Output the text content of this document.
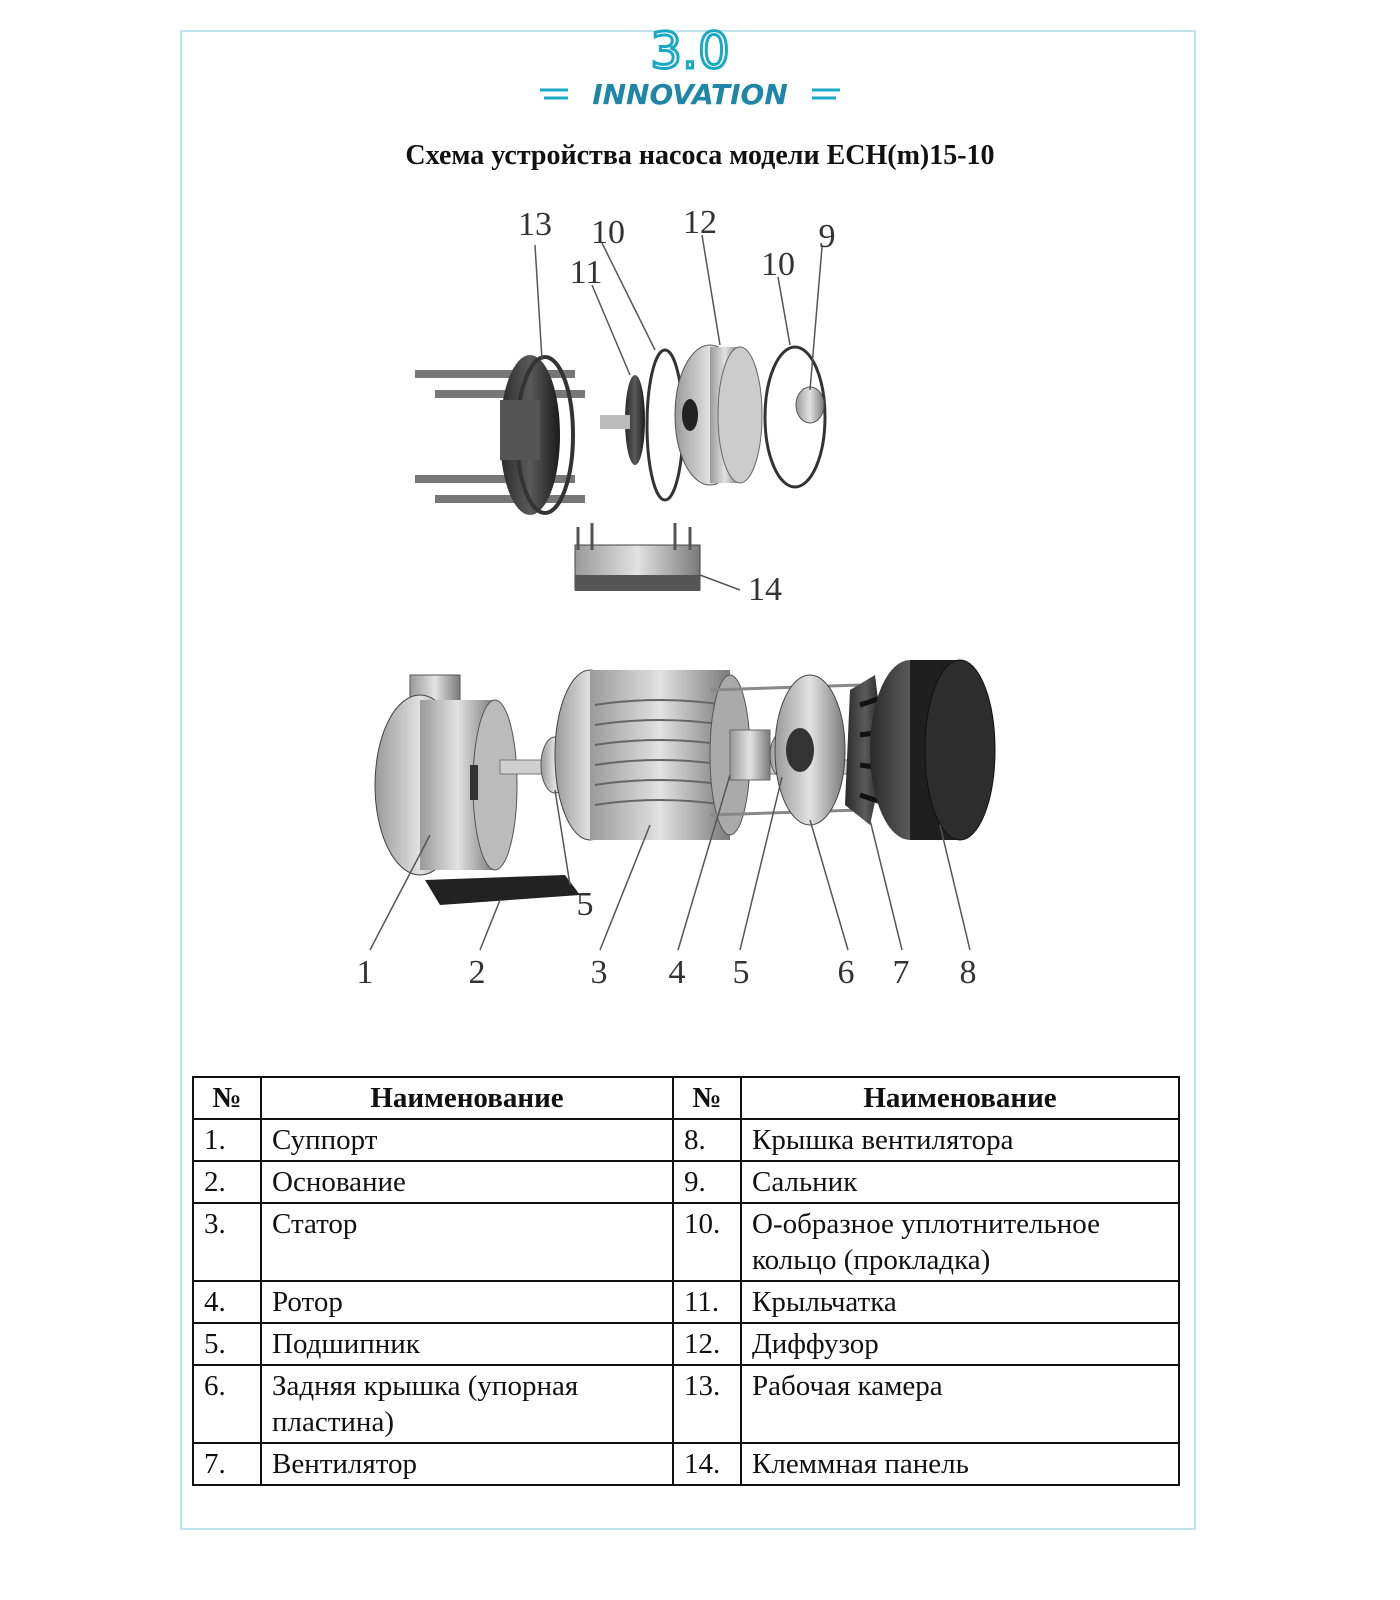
3.0
INNOVATION
Схема устройства насоса модели ECH(m)15-10
13 10 12
11	10
9
14
5
1	2	3 4 5	6 7 8
№	Наименование	№	Наименование
1.	Суппорт	8.	Крышка вентилятора
2.	Основание	9.	Сальник
3.	Статор	10.	О-образное уплотнительное кольцо (прокладка)
4.	Ротор	11.	Крыльчатка
5.	Подшипник	12.	Диффузор
6.	Задняя крышка (упорная пластина)	13.	Рабочая камера
7.	Вентилятор	14.	Клеммная панель
